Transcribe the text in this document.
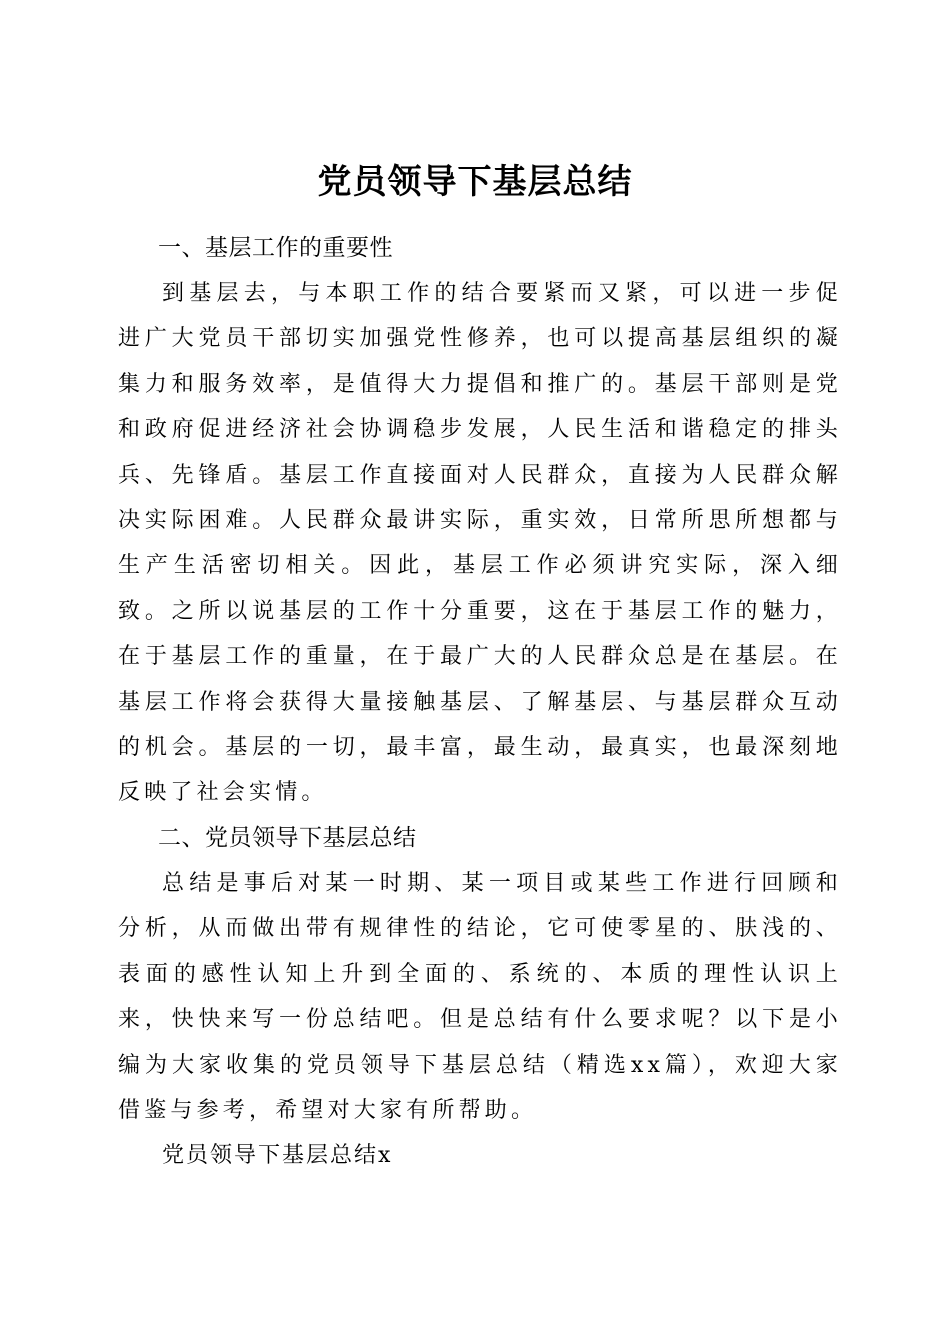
党员领导下基层总结
一、基层工作的重要性

到基层去，与本职工作的结合要紧而又紧，可以进一步促进广大党员干部切实加强党性修养，也可以提高基层组织的凝集力和服务效率，是值得大力提倡和推广的。基层干部则是党和政府促进经济社会协调稳步发展，人民生活和谐稳定的排头兵、先锋盾。基层工作直接面对人民群众，直接为人民群众解决实际困难。人民群众最讲实际，重实效，日常所思所想都与生产生活密切相关。因此，基层工作必须讲究实际，深入细致。之所以说基层的工作十分重要，这在于基层工作的魅力，在于基层工作的重量，在于最广大的人民群众总是在基层。在基层工作将会获得大量接触基层、了解基层、与基层群众互动的机会。基层的一切，最丰富，最生动，最真实，也最深刻地反映了社会实情。

二、党员领导下基层总结

总结是事后对某一时期、某一项目或某些工作进行回顾和分析，从而做出带有规律性的结论，它可使零星的、肤浅的、表面的感性认知上升到全面的、系统的、本质的理性认识上来，快快来写一份总结吧。但是总结有什么要求呢？以下是小编为大家收集的党员领导下基层总结（精选xx篇），欢迎大家借鉴与参考，希望对大家有所帮助。

党员领导下基层总结x
